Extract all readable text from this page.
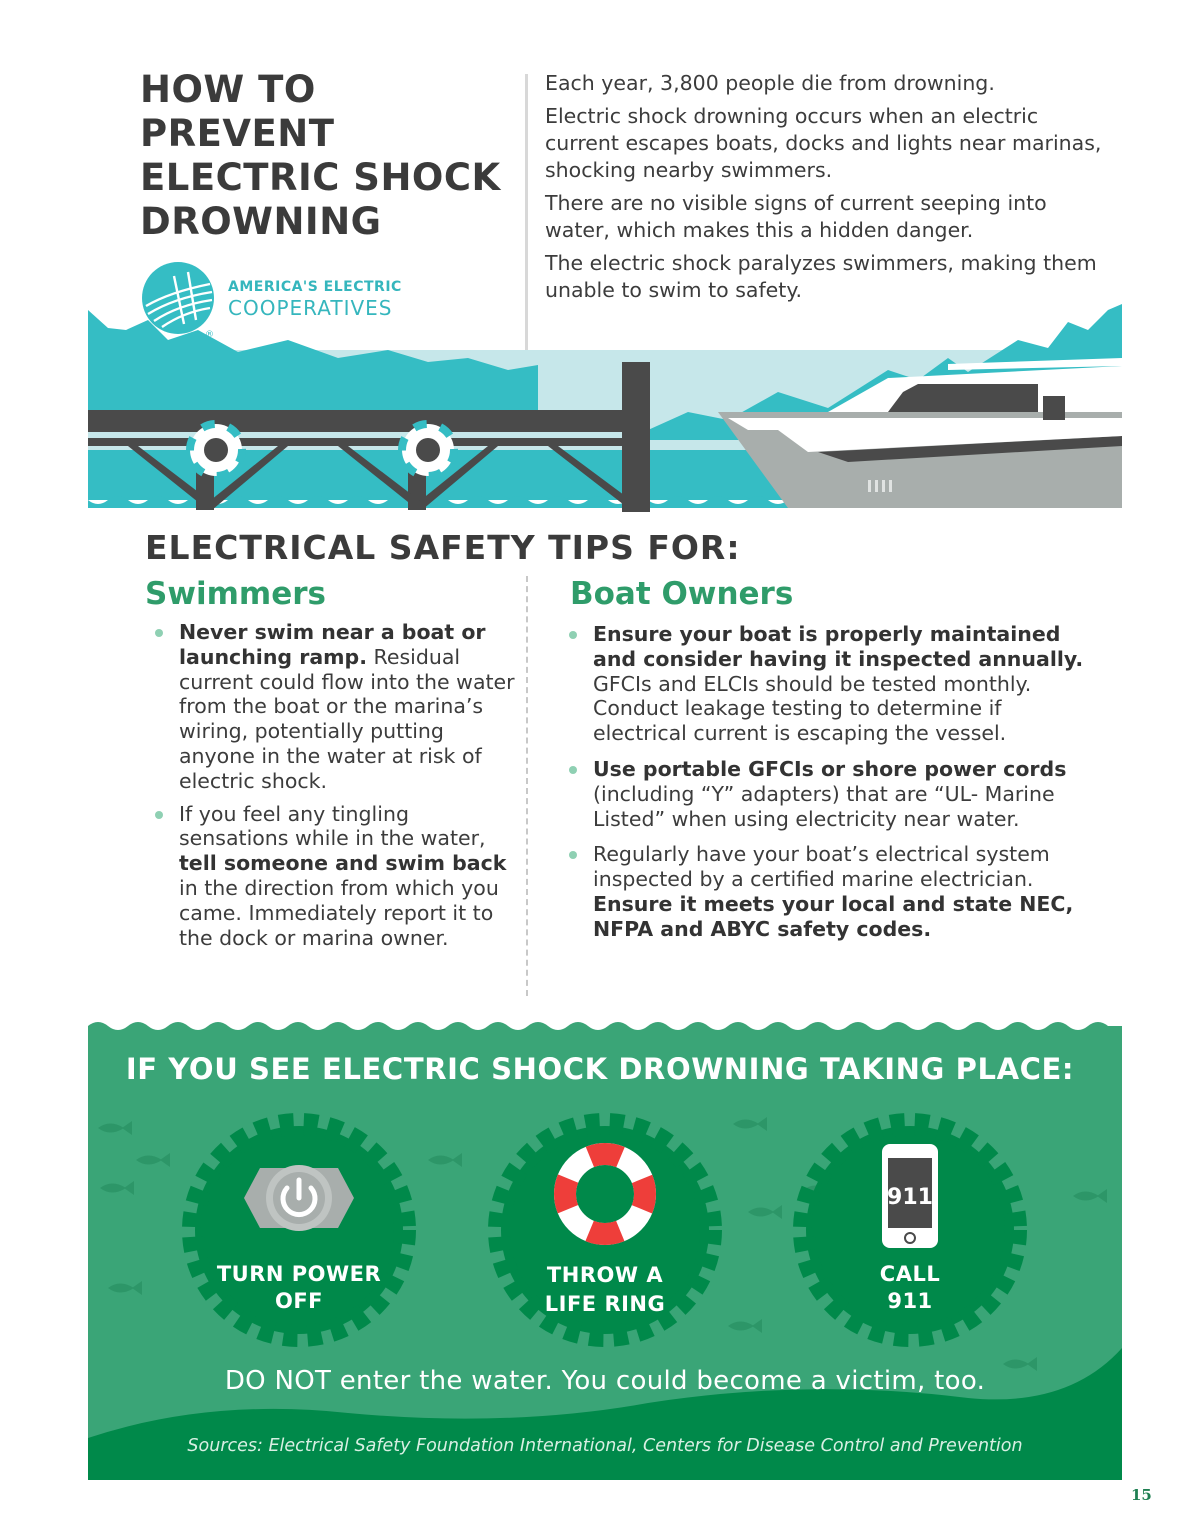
HOW TO
PREVENT
ELECTRIC SHOCK
DROWNING

Each year, 3,800 people die from drowning.

Electric shock drowning occurs when an electric current escapes boats, docks and lights near marinas, shocking nearby swimmers.

There are no visible signs of current seeping into water, which makes this a hidden danger.

The electric shock paralyzes swimmers, making them unable to swim to safety.

®
AMERICA'S ELECTRIC
COOPERATIVES
ELECTRICAL SAFETY TIPS FOR:
Swimmers	Boat Owners
Never swim near a boat or launching ramp. Residual current could flow into the water from the boat or the marina’s wiring, potentially putting anyone in the water at risk of electric shock.
If you feel any tingling sensations while in the water, tell someone and swim back in the direction from which you came. Immediately report it to the dock or marina owner.
Ensure your boat is properly maintained and consider having it inspected annually. GFCIs and ELCIs should be tested monthly. Conduct leakage testing to determine if electrical current is escaping the vessel.
Use portable GFCIs or shore power cords (including “Y” adapters) that are “UL- Marine Listed” when using electricity near water.
Regularly have your boat’s electrical system inspected by a certified marine electrician. Ensure it meets your local and state NEC, NFPA and ABYC safety codes.
911
IF YOU SEE ELECTRIC SHOCK DROWNING TAKING PLACE:
TURN POWER
OFF
THROW A
LIFE RING
CALL
911

DO NOT enter the water. You could become a victim, too.

Sources: Electrical Safety Foundation International, Centers for Disease Control and Prevention
15
